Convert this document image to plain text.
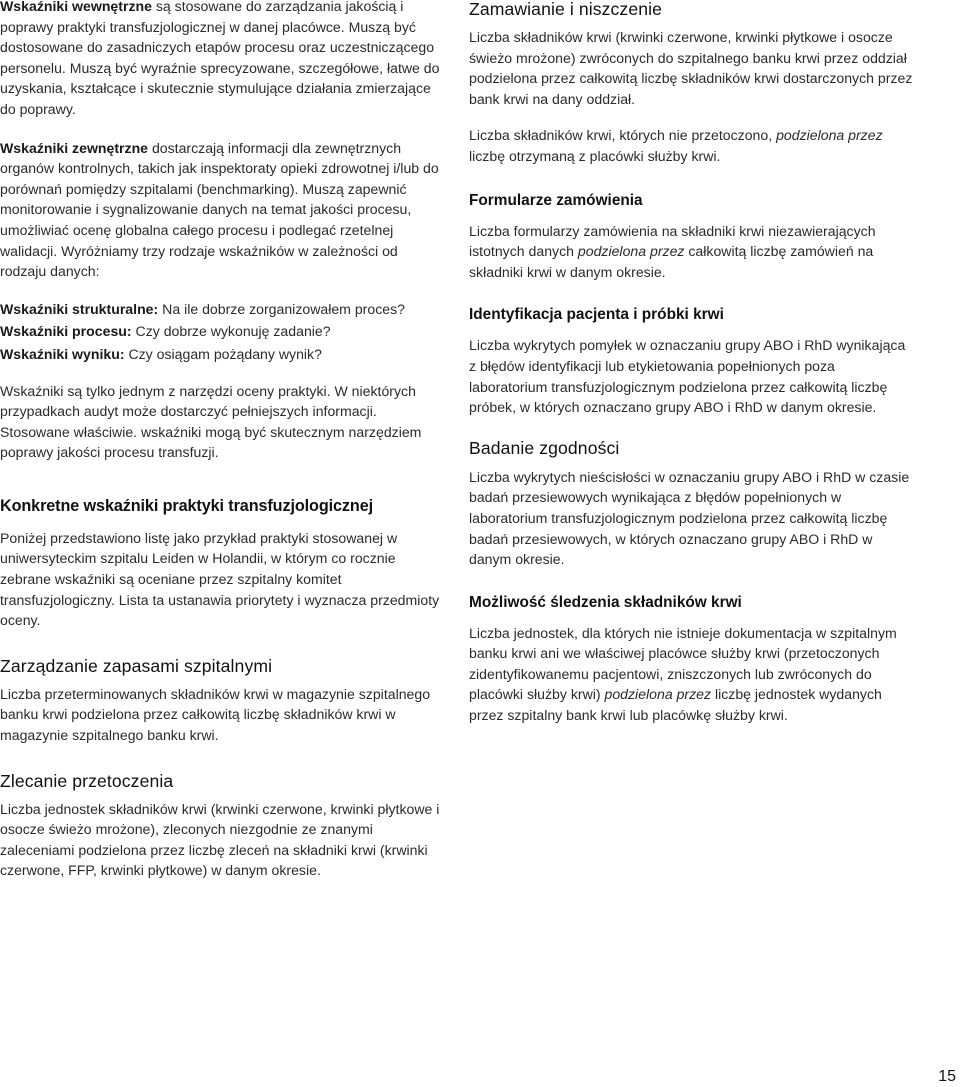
Wskaźniki wewnętrzne są stosowane do zarządzania jakością i poprawy praktyki transfuzjologicznej w danej placówce. Muszą być dostosowane do zasadniczych etapów procesu oraz uczestniczącego personelu. Muszą być wyraźnie sprecyzowane, szczegółowe, łatwe do uzyskania, kształcące i skutecznie stymulujące działania zmierzające do poprawy.

Wskaźniki zewnętrzne dostarczają informacji dla zewnętrznych organów kontrolnych, takich jak inspektoraty opieki zdrowotnej i/lub do porównań pomiędzy szpitalami (benchmarking). Muszą zapewnić monitorowanie i sygnalizowanie danych na temat jakości procesu, umożliwiać ocenę globalna całego procesu i podlegać rzetelnej walidacji. Wyróżniamy trzy rodzaje wskaźników w zależności od rodzaju danych:

Wskaźniki strukturalne: Na ile dobrze zorganizowałem proces?

Wskaźniki procesu: Czy dobrze wykonuję zadanie?

Wskaźniki wyniku: Czy osiągam pożądany wynik?

Wskaźniki są tylko jednym z narzędzi oceny praktyki. W niektórych przypadkach audyt może dostarczyć pełniejszych informacji. Stosowane właściwie. wskaźniki mogą być skutecznym narzędziem poprawy jakości procesu transfuzji.

Konkretne wskaźniki praktyki transfuzjologicznej

Poniżej przedstawiono listę jako przykład praktyki stosowanej w uniwersyteckim szpitalu Leiden w Holandii, w którym co rocznie zebrane wskaźniki są oceniane przez szpitalny komitet transfuzjologiczny. Lista ta ustanawia priorytety i wyznacza przedmioty oceny.

Zarządzanie zapasami szpitalnymi

Liczba przeterminowanych składników krwi w magazynie szpitalnego banku krwi podzielona przez całkowitą liczbę składników krwi w magazynie szpitalnego banku krwi.

Zlecanie przetoczenia

Liczba jednostek składników krwi (krwinki czerwone, krwinki płytkowe i osocze świeżo mrożone), zleconych niezgodnie ze znanymi zaleceniami podzielona przez liczbę zleceń na składniki krwi (krwinki czerwone, FFP, krwinki płytkowe) w danym okresie.

Zamawianie i niszczenie

Liczba składników krwi (krwinki czerwone, krwinki płytkowe i osocze świeżo mrożone) zwróconych do szpitalnego banku krwi przez oddział podzielona przez całkowitą liczbę składników krwi dostarczonych przez bank krwi na dany oddział.

Liczba składników krwi, których nie przetoczono, podzielona przez liczbę otrzymaną z placówki służby krwi.

Formularze zamówienia

Liczba formularzy zamówienia na składniki krwi niezawierających istotnych danych podzielona przez całkowitą liczbę zamówień na składniki krwi w danym okresie.

Identyfikacja pacjenta i próbki krwi

Liczba wykrytych pomyłek w oznaczaniu grupy ABO i RhD wynikająca z błędów identyfikacji lub etykietowania popełnionych poza laboratorium transfuzjologicznym podzielona przez całkowitą liczbę próbek, w których oznaczano grupy ABO i RhD w danym okresie.

Badanie zgodności

Liczba wykrytych nieścisłości w oznaczaniu grupy ABO i RhD w czasie badań przesiewowych wynikająca z błędów popełnionych w laboratorium transfuzjologicznym podzielona przez całkowitą liczbę badań przesiewowych, w których oznaczano grupy ABO i RhD w danym okresie.

Możliwość śledzenia składników krwi

Liczba jednostek, dla których nie istnieje dokumentacja w szpitalnym banku krwi ani we właściwej placówce służby krwi (przetoczonych zidentyfikowanemu pacjentowi, zniszczonych lub zwróconych do placówki służby krwi) podzielona przez liczbę jednostek wydanych przez szpitalny bank krwi lub placówkę służby krwi.

15
